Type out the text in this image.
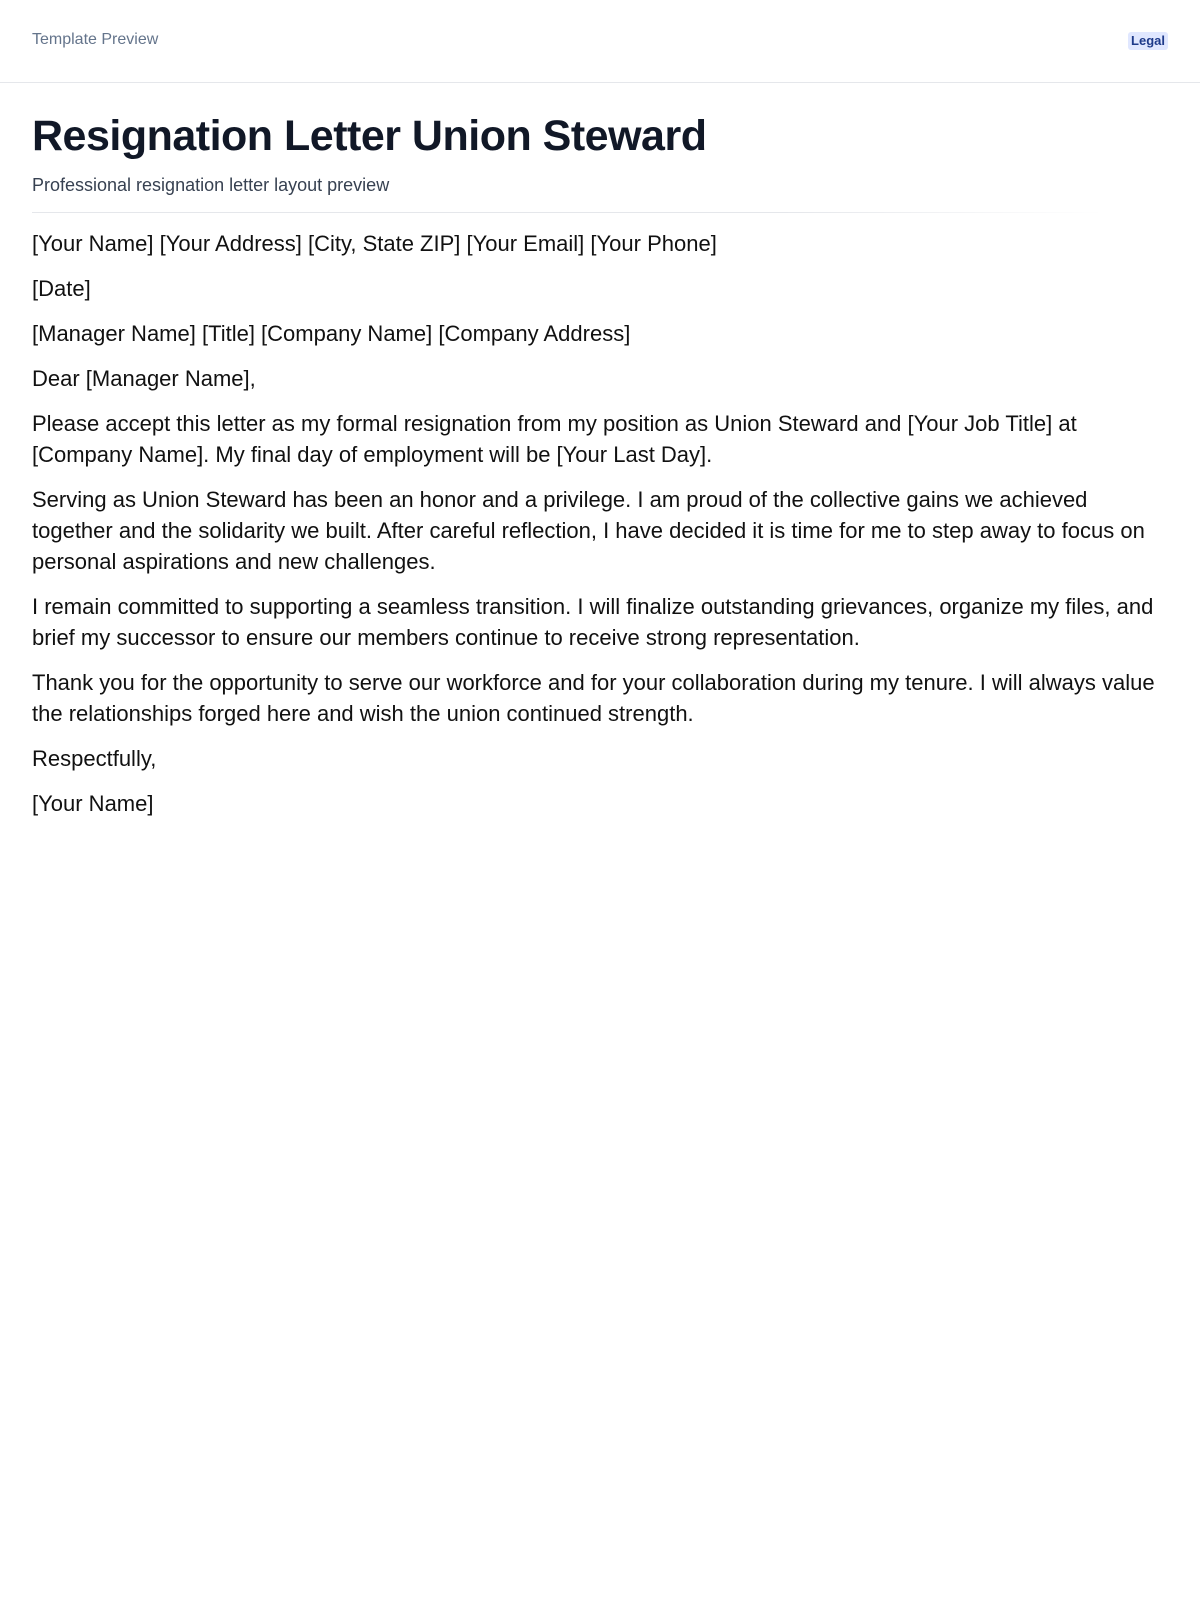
Template Preview	Legal
Resignation Letter Union Steward
Professional resignation letter layout preview

[Your Name] [Your Address] [City, State ZIP] [Your Email] [Your Phone]

[Date]

[Manager Name] [Title] [Company Name] [Company Address]

Dear [Manager Name],

Please accept this letter as my formal resignation from my position as Union Steward and [Your Job Title] at [Company Name]. My final day of employment will be [Your Last Day].

Serving as Union Steward has been an honor and a privilege. I am proud of the collective gains we achieved together and the solidarity we built. After careful reflection, I have decided it is time for me to step away to focus on personal aspirations and new challenges.

I remain committed to supporting a seamless transition. I will finalize outstanding grievances, organize my files, and brief my successor to ensure our members continue to receive strong representation.

Thank you for the opportunity to serve our workforce and for your collaboration during my tenure. I will always value the relationships forged here and wish the union continued strength.

Respectfully,

[Your Name]
